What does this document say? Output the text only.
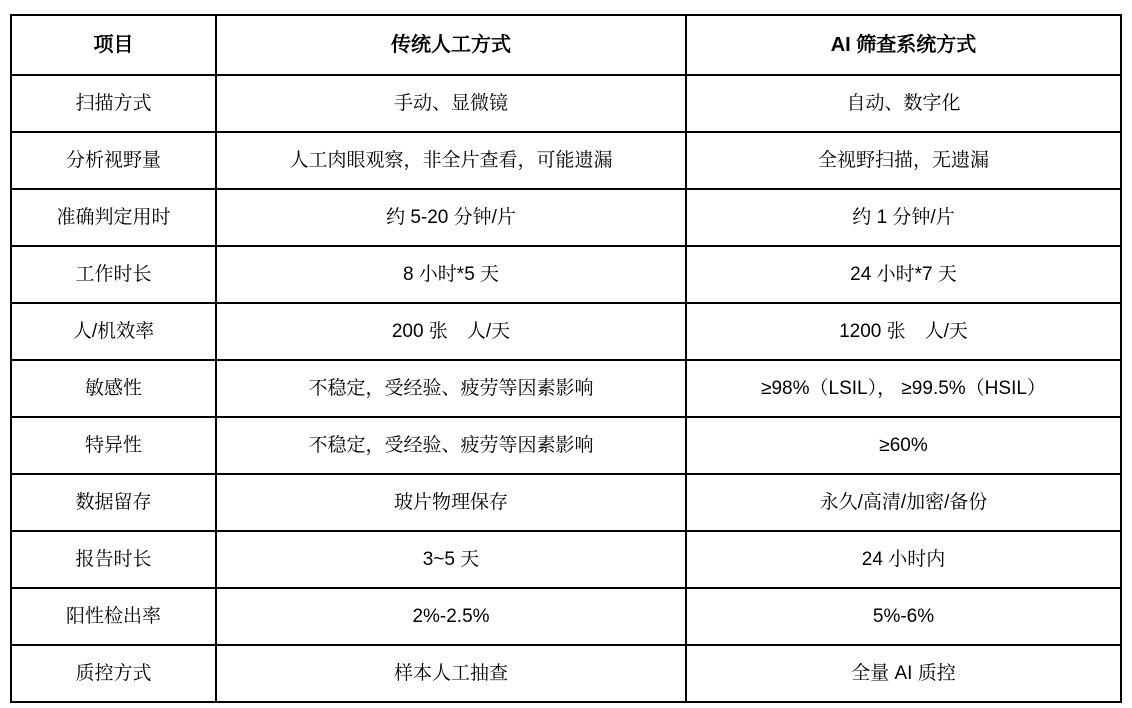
项目	传统人工方式	AI 筛查系统方式
扫描方式	手动、显微镜	自动、数字化
分析视野量	人工肉眼观察，非全片查看，可能遗漏	全视野扫描，无遗漏
准确判定用时	约 5-20 分钟/片	约 1 分钟/片
工作时长	8 小时*5 天	24 小时*7 天
人/机效率	200 张　人/天	1200 张　人/天
敏感性	不稳定，受经验、疲劳等因素影响	≥98%（LSIL）， ≥99.5%（HSIL）
特异性	不稳定，受经验、疲劳等因素影响	≥60%
数据留存	玻片物理保存	永久/高清/加密/备份
报告时长	3~5 天	24 小时内
阳性检出率	2%-2.5%	5%-6%
质控方式	样本人工抽查	全量 AI 质控
